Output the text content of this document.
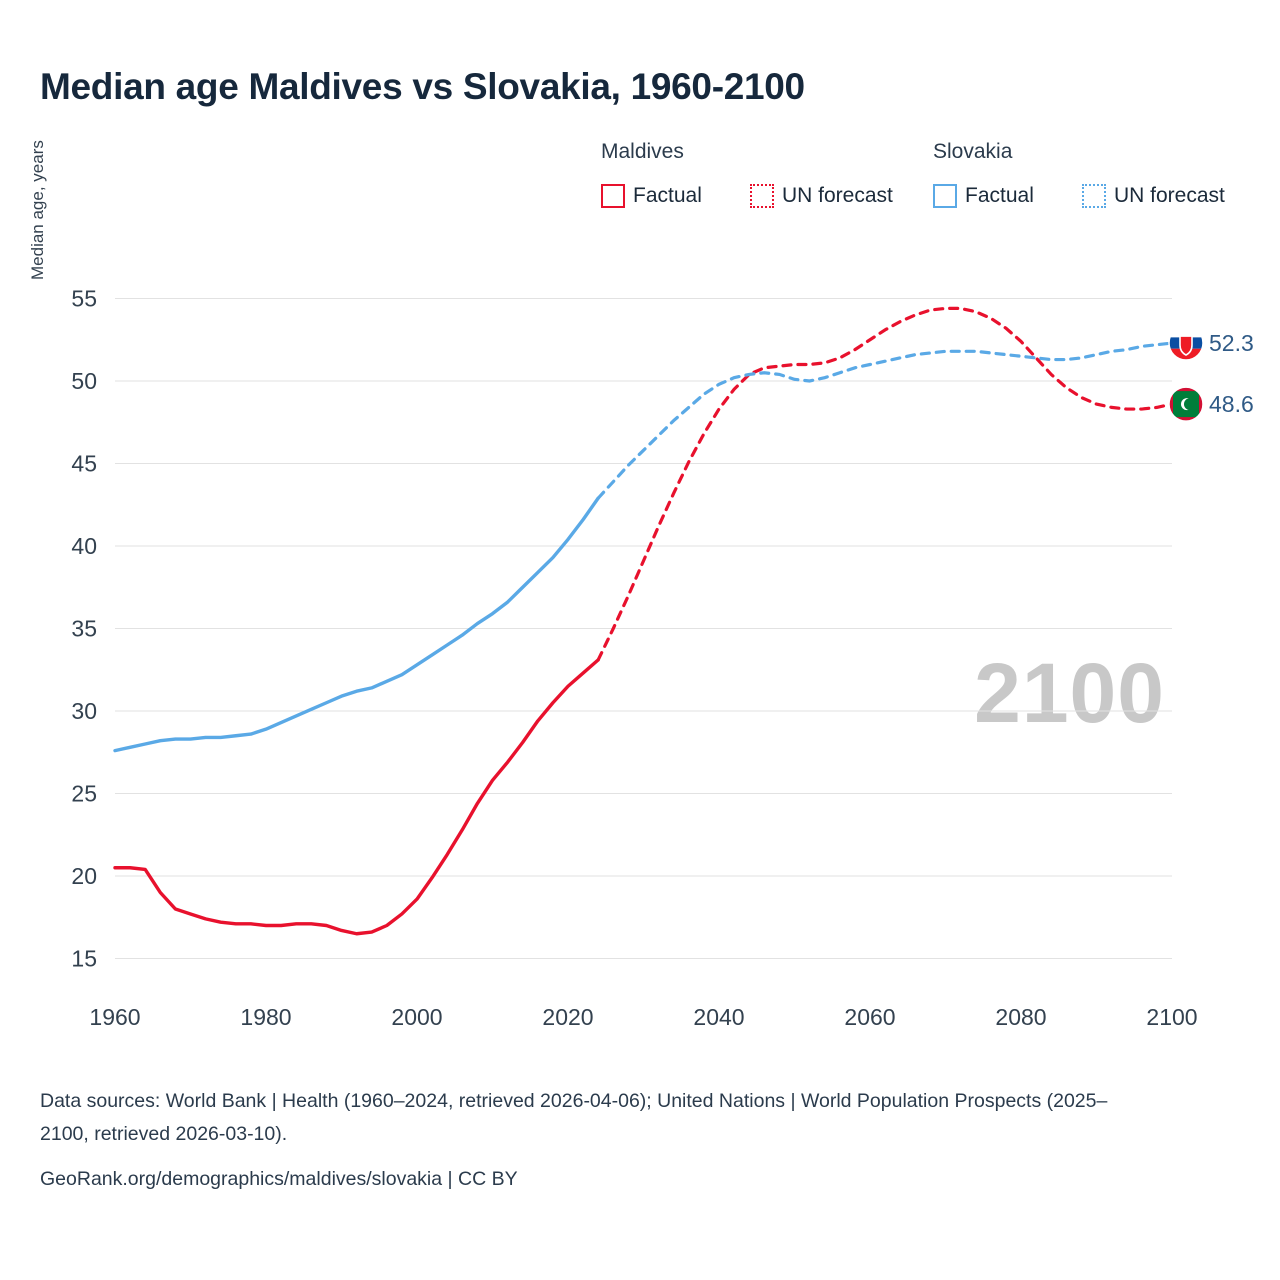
Median age Maldives vs Slovakia, 1960-2100
Maldives	Slovakia
Factual	UN forecast	Factual	UN forecast
Median age, years
2100
15
20
25
30
35
40
45
50
55
1960	1980	2000	2020	2040	2060	2080	2100
48.6
52.3
Data sources: World Bank | Health (1960–2024, retrieved 2026-04-06); United Nations | World Population Prospects (2025–2100, retrieved 2026-03-10).
GeoRank.org/demographics/maldives/slovakia | CC BY
